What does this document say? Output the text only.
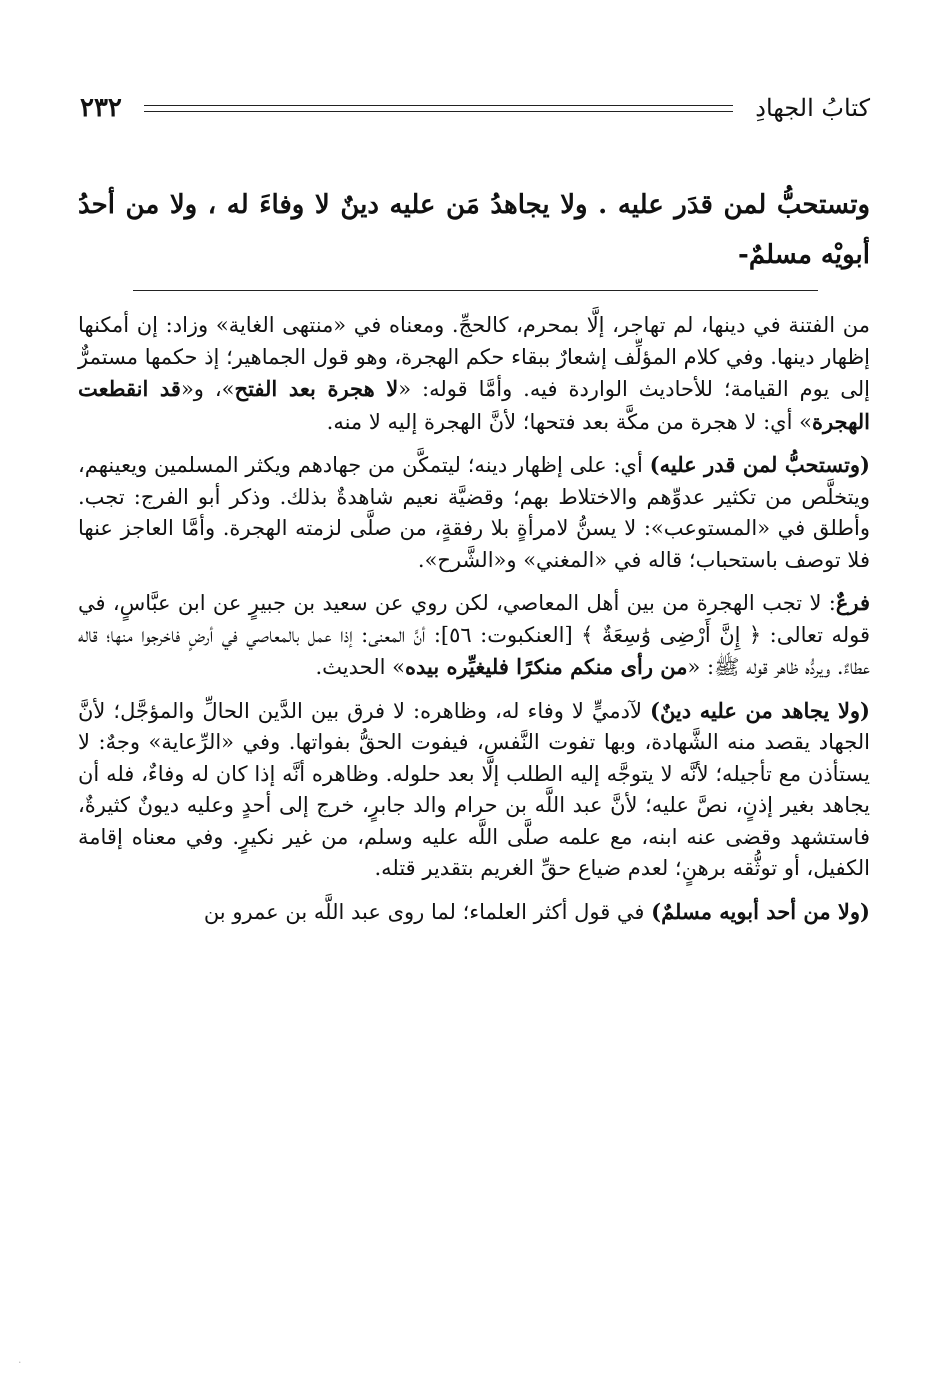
٢٣٢	كتابُ الجهادِ
وتستحبُّ لمن قدَر عليه . ولا يجاهدُ مَن عليه دينٌ لا وفاءَ له ، ولا من أحدُ أبويْه مسلمٌ-

من الفتنة في دينها، لم تهاجر، إلَّا بمحرم، كالحجِّ. ومعناه في «منتهى الغاية» وزاد: إن أمكنها إظهار دينها. وفي كلام المؤلِّف إشعارٌ ببقاء حكم الهجرة، وهو قول الجماهير؛ إذ حكمها مستمرٌّ إلى يوم القيامة؛ للأحاديث الواردة فيه. وأمَّا قوله: «لا هجرة بعد الفتح»، و«قد انقطعت الهجرة» أي: لا هجرة من مكَّة بعد فتحها؛ لأنَّ الهجرة إليه لا منه.

(وتستحبُّ لمن قدر عليه) أي: على إظهار دينه؛ ليتمكَّن من جهادهم ويكثر المسلمين ويعينهم، ويتخلَّص من تكثير عدوِّهم والاختلاط بهم؛ وقضيَّة نعيم شاهدةٌ بذلك. وذكر أبو الفرج: تجب. وأطلق في «المستوعب»: لا يسنُّ لامرأةٍ بلا رفقةٍ، من صلَّى لزمته الهجرة. وأمَّا العاجز عنها فلا توصف باستحباب؛ قاله في «المغني» و«الشَّرح».

فرعٌ: لا تجب الهجرة من بين أهل المعاصي، لكن روي عن سعيد بن جبيرٍ عن ابن عبَّاسٍ، في قوله تعالى: ﴿ إِنَّ أَرْضِى وَٰسِعَةٌ ﴾ [العنكبوت: ٥٦]: أنَّ المعنى: إذا عمل بالمعاصي في أرضٍ فاخرجوا منها؛ قاله عطاءٌ. ويردُّه ظاهر قوله ﷺ: «من رأى منكم منكرًا فليغيِّره بيده» الحديث.

(ولا يجاهد من عليه دينٌ) لآدميٍّ لا وفاء له، وظاهره: لا فرق بين الدَّين الحالِّ والمؤجَّل؛ لأنَّ الجهاد يقصد منه الشَّهادة، وبها تفوت النَّفس، فيفوت الحقُّ بفواتها. وفي «الرِّعاية» وجهٌ: لا يستأذن مع تأجيله؛ لأنَّه لا يتوجَّه إليه الطلب إلَّا بعد حلوله. وظاهره أنَّه إذا كان له وفاءٌ، فله أن يجاهد بغير إذنٍ، نصَّ عليه؛ لأنَّ عبد اللَّه بن حرام والد جابرٍ، خرج إلى أحدٍ وعليه ديونٌ كثيرةٌ، فاستشهد وقضى عنه ابنه، مع علمه صلَّى اللَّه عليه وسلم، من غير نكيرٍ. وفي معناه إقامة الكفيل، أو توثُّقه برهنٍ؛ لعدم ضياع حقِّ الغريم بتقدير قتله.

(ولا من أحد أبويه مسلمٌ) في قول أكثر العلماء؛ لما روى عبد اللَّه بن عمرو بن

·
